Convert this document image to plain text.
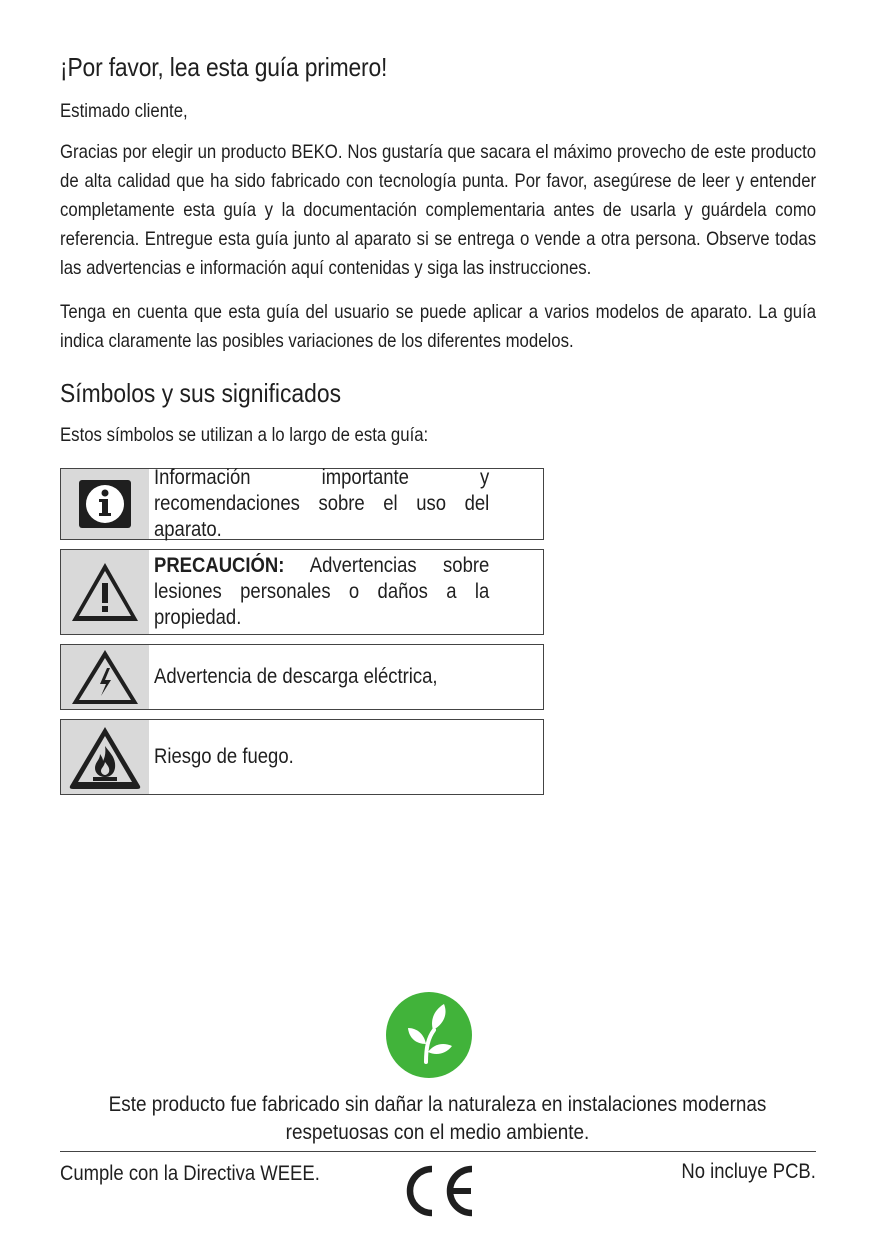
¡Por favor, lea esta guía primero!

Estimado cliente,

Gracias por elegir un producto BEKO. Nos gustaría que sacara el máximo provecho de este producto de alta calidad que ha sido fabricado con tecnología punta. Por favor, asegúrese de leer y entender completamente esta guía y la documentación complementaria antes de usarla y guárdela como referencia. Entregue esta guía junto al aparato si se entrega o vende a otra persona. Observe todas las advertencias e información aquí contenidas y siga las instrucciones.

Tenga en cuenta que esta guía del usuario se puede aplicar a varios modelos de aparato. La guía indica claramente las posibles variaciones de los diferentes modelos.

Símbolos y sus significados

Estos símbolos se utilizan a lo largo de esta guía:

Información importante y recomendaciones sobre el uso del aparato.
PRECAUCIÓN: Advertencias sobre lesiones personales o daños a la propiedad.
Advertencia de descarga eléctrica,
Riesgo de fuego.
Este producto fue fabricado sin dañar la naturaleza en instalaciones modernas respetuosas con el medio ambiente.
Cumple con la Directiva WEEE.	No incluye PCB.
